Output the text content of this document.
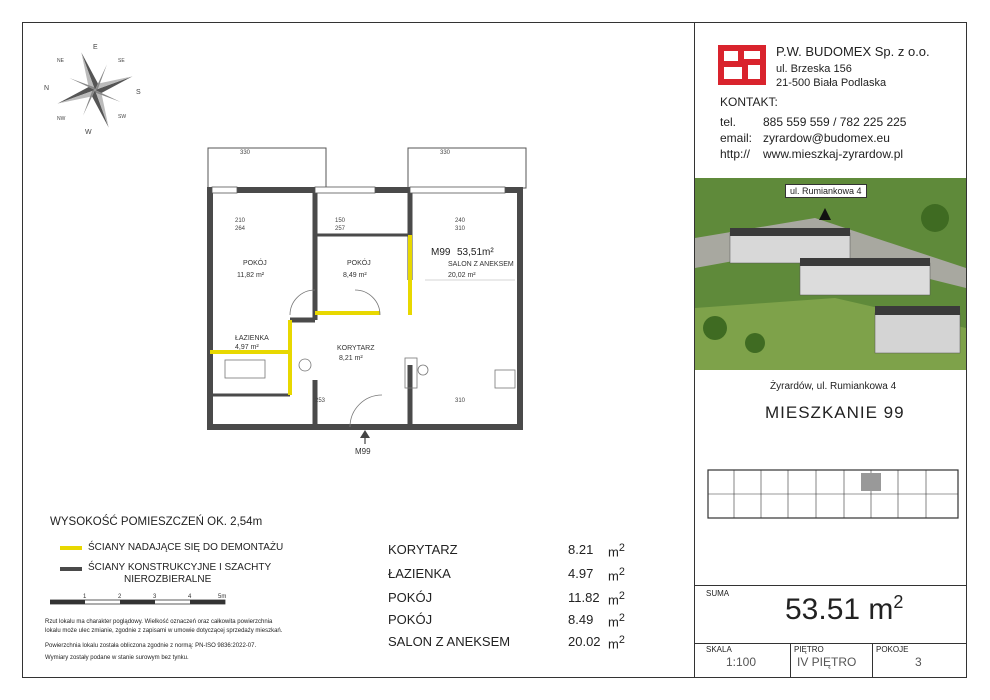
E
SE
S
SW
W
NW
N
NE
330	330
210	150	240
257
264	310
253	310
POKÓJ
11,82 m²
POKÓJ
8,49 m²
M99 53,51m²
SALON Z ANEKSEM
20,02 m²
ŁAZIENKA
4,97 m²	KORYTARZ
8,21 m²
M99
P.W. BUDOMEX Sp. z o.o.
ul. Brzeska 156
21-500 Biała Podlaska
KONTAKT:
tel. 885 559 559 / 782 225 225
email: zyrardow@budomex.eu
http:// www.mieszkaj-zyrardow.pl
ul. Rumiankowa 4
Żyrardów, ul. Rumiankowa 4
MIESZKANIE 99
SUMA 53.51 $m^2$
SKALA
1:100
PIĘTRO
IV PIĘTRO
POKOJE
3
WYSOKOŚĆ POMIESZCZEŃ OK. 2,54m
ŚCIANY NADAJĄCE SIĘ DO DEMONTAŻU
ŚCIANY KONSTRUKCYJNE I SZACHTY
NIEROZBIERALNE
1	2	3	4	5m
Rzut lokalu ma charakter poglądowy. Wielkość oznaczeń oraz całkowita powierzchnia
lokalu może ulec zmianie, zgodnie z zapisami w umowie dotyczącej sprzedaży mieszkań.
Powierzchnia lokalu została obliczona zgodnie z normą: PN-ISO 9836:2022-07.
Wymiary zostały podane w stanie surowym bez tynku.
KORYTARZ	8.21 $m^2$
ŁAZIENKA	4.97 $m^2$
POKÓJ	11.82 $m^2$
POKÓJ	8.49 $m^2$
SALON Z ANEKSEM	20.02 $m^2$
